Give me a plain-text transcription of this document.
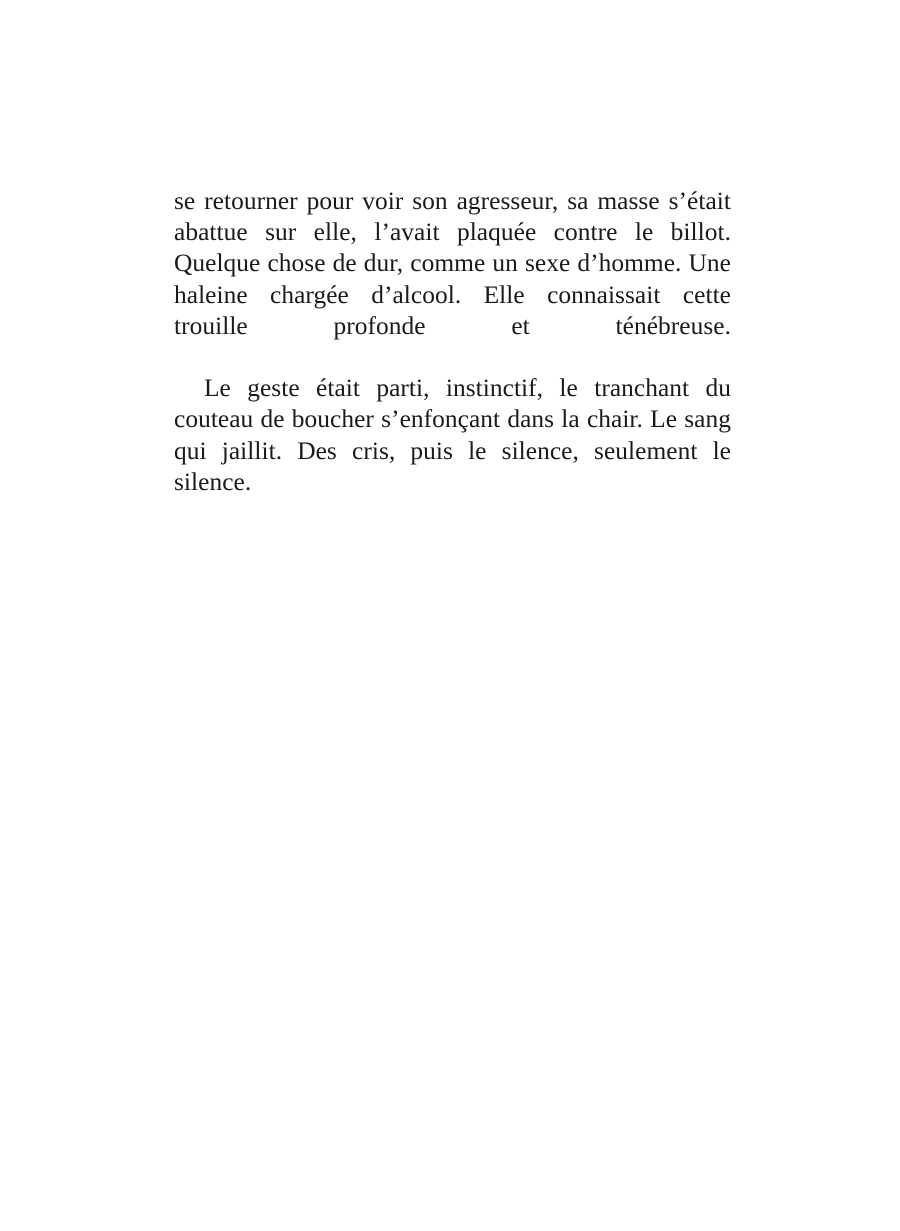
se retourner pour voir son agresseur, sa masse s’était abattue sur elle, l’avait plaquée contre le billot. Quelque chose de dur, comme un sexe d’homme. Une haleine chargée d’alcool. Elle connaissait cette trouille profonde et ténébreuse.

Le geste était parti, instinctif, le tranchant du couteau de boucher s’enfonçant dans la chair. Le sang qui jaillit. Des cris, puis le silence, seulement le silence.
